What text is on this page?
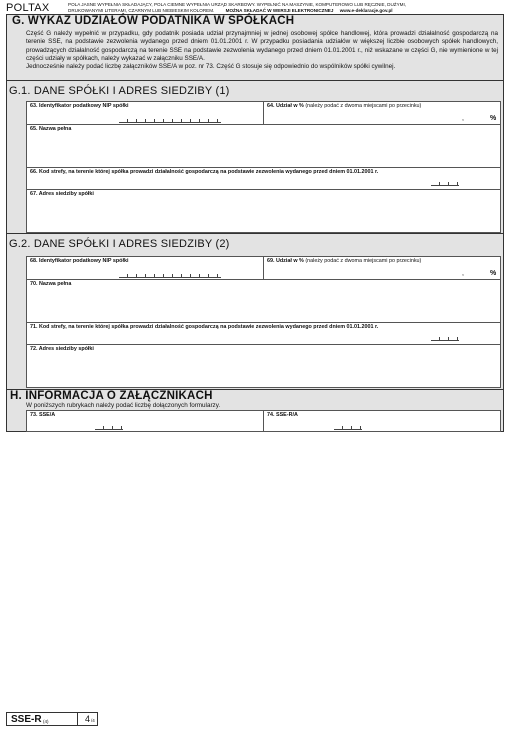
POLTAX	POLA JASNE WYPEŁNIA SKŁADAJĄCY, POLA CIEMNE WYPEŁNIA URZĄD SKARBOWY. WYPEŁNIĆ NA MASZYNIE, KOMPUTEROWO LUB RĘCZNIE, DUŻYMI,
DRUKOWANYMI LITERAMI, CZARNYM LUB NIEBIESKIM KOLOREM. MOŻNA SKŁADAĆ W WERSJI ELEKTRONICZNEJ www.e-deklaracje.gov.pl
G. WYKAZ UDZIAŁÓW PODATNIKA W SPÓŁKACH
Część G należy wypełnić w przypadku, gdy podatnik posiada udział przynajmniej w jednej osobowej spółce handlowej, która prowadzi działalność gospodarczą na terenie SSE, na podstawie zezwolenia wydanego przed dniem 01.01.2001 r. W przypadku posiadania udziałów w większej liczbie osobowych spółek handlowych, prowadzących działalność gospodarczą na terenie SSE na podstawie zezwolenia wydanego przed dniem 01.01.2001 r., niż wskazane w części G, nie wymienione w tej części udziały w spółkach, należy wykazać w załączniku SSE/A.
Jednocześnie należy podać liczbę załączników SSE/A w poz. nr 73. Część G stosuje się odpowiednio do wspólników spółki cywilnej.
G.1. DANE SPÓŁKI I ADRES SIEDZIBY (1)
63. Identyfikator podatkowy NIP spółki	64. Udział w % (należy podać z dwoma miejscami po przecinku)
,	%
65. Nazwa pełna
66. Kod strefy, na terenie której spółka prowadzi działalność gospodarczą na podstawie zezwolenia wydanego przed dniem 01.01.2001 r.
67. Adres siedziby spółki
G.2. DANE SPÓŁKI I ADRES SIEDZIBY (2)
68. Identyfikator podatkowy NIP spółki	69. Udział w % (należy podać z dwoma miejscami po przecinku)
,	%
70. Nazwa pełna
71. Kod strefy, na terenie której spółka prowadzi działalność gospodarczą na podstawie zezwolenia wydanego przed dniem 01.01.2001 r.
72. Adres siedziby spółki
H. INFORMACJA O ZAŁĄCZNIKACH
W poniższych rubrykach należy podać liczbę dołączonych formularzy.
73. SSE/A	74. SSE-R/A
SSE-R (4)	4 /4
